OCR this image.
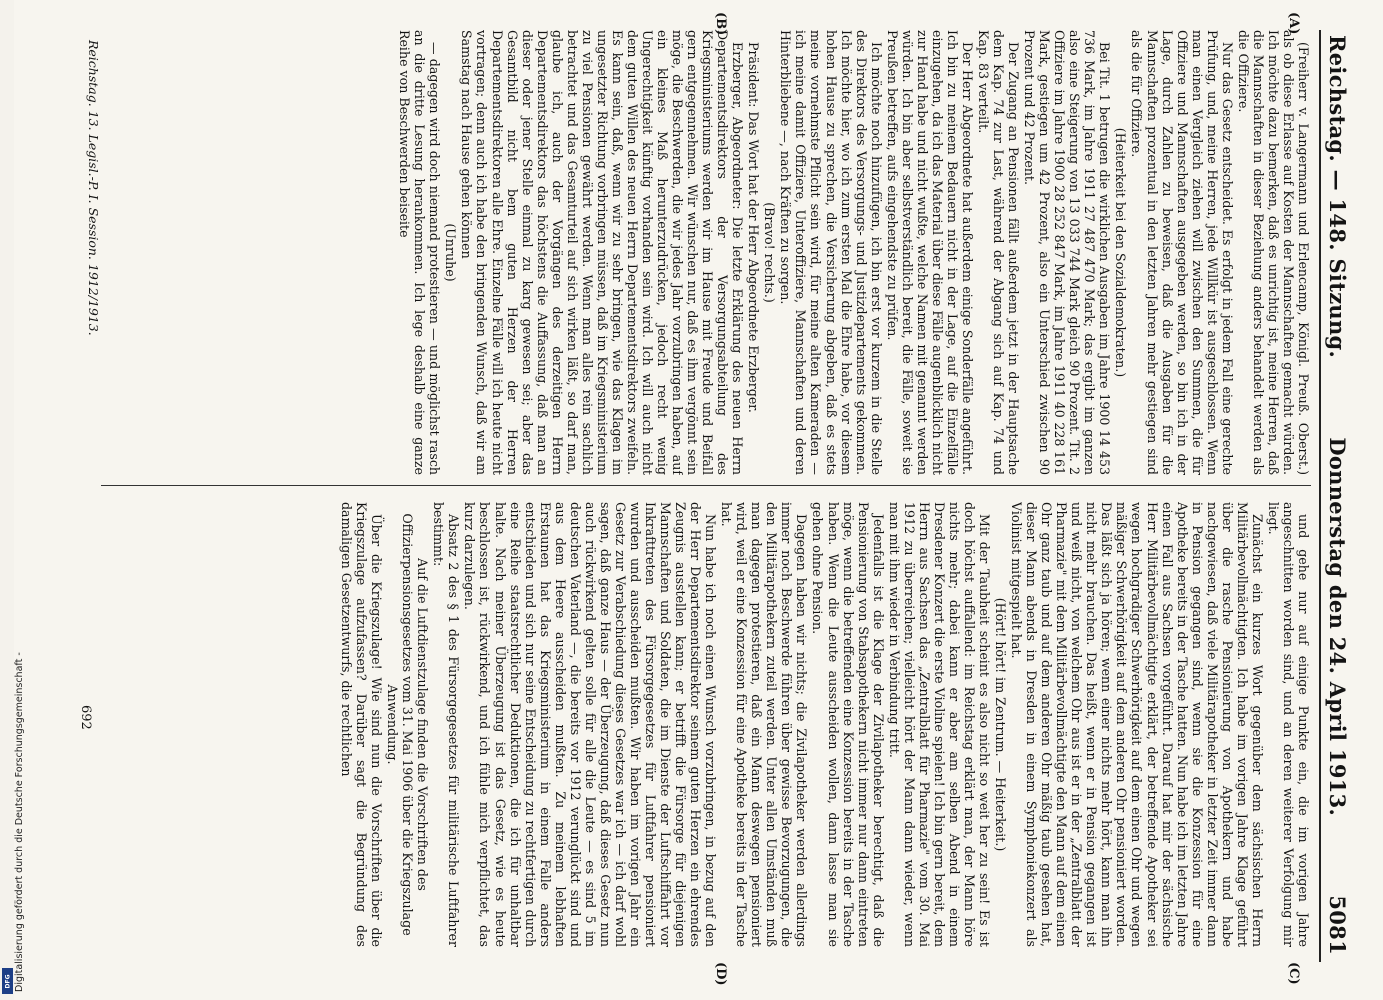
Reichstag. — 148. Sitzung.
Donnerstag den 24. April 1913.
5081
(A)
(B)
(C)
(D)

(Freiherr v. Langermann und Erlencamp, Königl. Preuß. Oberst.) als ob diese Erlasse auf Kosten der Mannschaften gemacht würden. Ich möchte dazu bemerken, daß es unrichtig ist, meine Herren, daß die Mannschaften in dieser Beziehung anders behandelt werden als die Offiziere.

Nur das Gesetz entscheidet. Es erfolgt in jedem Fall eine gerechte Prüfung, und, meine Herren, jede Willkür ist ausgeschlossen. Wenn man einen Vergleich ziehen will zwischen den Summen, die für Offiziere und Mannschaften ausgegeben werden, so bin ich in der Lage, durch Zahlen zu beweisen, daß die Ausgaben für die Mannschaften prozentual in den letzten Jahren mehr gestiegen sind als die für Offiziere.

(Heiterkeit bei den Sozialdemokraten.)

Bei Tit. 1 betrugen die wirklichen Ausgaben im Jahre 1900 14 453 736 Mark, im Jahre 1911 27 487 470 Mark; das ergibt im ganzen also eine Steigerung von 13 033 744 Mark gleich 90 Prozent. Tit. 2 Offiziere im Jahre 1900 28 252 847 Mark, im Jahre 1911 40 228 161 Mark, gestiegen um 42 Prozent, also ein Unterschied zwischen 90 Prozent und 42 Prozent.

Der Zugang an Pensionen fällt außerdem jetzt in der Hauptsache dem Kap. 74 zur Last, während der Abgang sich auf Kap. 74 und Kap. 83 verteilt.

Der Herr Abgeordnete hat außerdem einige Sonderfälle angeführt. Ich bin zu meinem Bedauern nicht in der Lage, auf die Einzelfälle einzugehen, da ich das Material über diese Fälle augenblicklich nicht zur Hand habe und nicht wußte, welche Namen mit genannt werden würden. Ich bin aber selbstverständlich bereit, die Fälle, soweit sie Preußen betreffen, aufs eingehendste zu prüfen.

Ich möchte noch hinzufügen, ich bin erst vor kurzem in die Stelle des Direktors des Versorgungs- und Justizdepartements gekommen. Ich möchte hier, wo ich zum ersten Mal die Ehre habe, vor diesem hohen Hause zu sprechen, die Versicherung abgeben, daß es stets meine vornehmste Pflicht sein wird, für meine alten Kameraden — ich meine damit Offiziere, Unteroffiziere, Mannschaften und deren Hinterbliebene —, nach Kräften zu sorgen.

(Bravo! rechts.)

Präsident: Das Wort hat der Herr Abgeordnete Erzberger.

Erzberger, Abgeordneter: Die letzte Erklärung des neuen Herrn Departementsdirektors der Versorgungsabteilung des Kriegsministeriums werden wir im Hause mit Freude und Beifall gern entgegennehmen. Wir wünschen nur, daß es ihm vergönnt sein möge, die Beschwerden, die wir jedes Jahr vorzubringen haben, auf ein kleines Maß herunterzudrücken, jedoch recht wenig Ungerechtigkeit künftig vorhanden sein wird. Ich will auch nicht dem guten Willen des neuen Herrn Departementsdirektors zweifeln. Es kann sein, daß, wenn wir zu sehr bringen, wie das Klagen im ungesetzter Richtung vorbringen müssen, daß im Kriegsministerium zu viel Pensionen gewährt werden. Wenn man alles rein sachlich betrachtet und das Gesamturteil auf sich wirken läßt, so darf man, glaube ich, auch der Vorgängen des derzeitigen Herrn Departementsdirektors das höchstens die Auffassung, daß man an dieser oder jener Stelle einmal zu karg gewesen sei; aber das Gesamtbild nicht bem guten Herzen der Herren Departementsdirektoren alle Ehre. Einzelne Fälle will ich heute nicht vortragen; denn auch ich habe den bringenden Wunsch, daß wir am Samstag nach Hause gehen können

(Unruhe)

— dagegen wird doch niemand protestieren — und möglichst rasch an die dritte Lesung herankommen. Ich lege deshalb eine ganze Reihe von Beschwerden beiseite

und gehe nur auf einige Punkte ein, die im vorigen Jahre angeschnitten worden sind, und an deren weiterer Verfolgung mir liegt.

Zunächst ein kurzes Wort gegenüber dem sächsischen Herrn Militärbevollmächtigten. Ich habe im vorigen Jahre Klage geführt über die rasche Pensionierung von Apothekern und habe nachgewiesen, daß viele Militärapotheker in letzter Zeit immer dann in Pension gegangen sind, wenn sie die Konzession für eine Apotheke bereits in der Tasche hatten. Nun habe ich im letzten Jahre einen Fall aus Sachsen vorgeführt. Darauf hat mir der sächsische Herr Militärbevollmächtigte erklärt, der betreffende Apotheker sei wegen hochgradiger Schwerhörigkeit auf dem einen Ohr und wegen mäßiger Schwerhörigkeit auf dem anderen Ohr pensioniert worden. Das läßt sich ja hören; wenn einer nichts mehr hört, kann man ihn nicht mehr brauchen. Das heißt, wenn er in Pension gegangen ist und weiß nicht, von welchem Ohr aus ist er in der „Zentralblatt der Pharmazie" mit dem Militärbevollmächtigte den Mann auf dem einen Ohr ganz taub und auf dem anderen Ohr mäßig taub gesehen hat, dieser Mann abends in Dresden in einem Symphoniekonzert als Violinist mitgespielt hat.

(Hört! hört! im Zentrum. — Heiterkeit.)

Mit der Taubheit scheint es also nicht so weit her zu sein! Es ist doch höchst auffallend: im Reichstag erklärt man, der Mann höre nichts mehr; dabei kann er aber am selben Abend in einem Dresdener Konzert die erste Violine spielen! Ich bin gern bereit, dem Herrn aus Sachsen das „Zentralblatt für Pharmazie" vom 30. Mai 1912 zu überreichen; vielleicht hört der Mann dann wieder, wenn man mit ihm wieder in Verbindung tritt.

Jedenfalls ist die Klage der Zivilapotheker berechtigt, daß die Pensionierung von Stabsapothekern nicht immer nur dann eintreten möge, wenn die betreffenden eine Konzession bereits in der Tasche haben. Wenn die Leute ausscheiden wollen, dann lasse man sie gehen ohne Pension.

Dagegen haben wir nichts; die Zivilapotheker werden allerdings immer noch Beschwerde führen über gewisse Bevorzugungen, die den Militärapothekern zuteil werden. Unter allen Umständen muß man dagegen protestieren, daß ein Mann deswegen pensioniert wird, weil er eine Konzession für eine Apotheke bereits in der Tasche hat.

Nun habe ich noch einen Wunsch vorzubringen, in bezug auf den der Herr Departementsdirektor seinem guten Herzen ein ehrendes Zeugnis ausstellen kann; er betrifft die Fürsorge für diejenigen Mannschaften und Soldaten, die im Dienste der Luftschiffahrt vor Inkrafttreten des Fürsorgegesetzes für Luftfahrer pensioniert wurden und ausscheiden mußten. Wir haben im vorigen Jahr ein Gesetz zur Verabschiedung dieses Gesetzes war ich — ich darf wohl sagen, daß ganze Haus — der Überzeugung, daß dieses Gesetz nun auch rückwirkend gelten solle für alle die Leute — es sind 5 im deutschen Vaterland —, die bereits vor 1912 verunglückt sind und aus dem Heere ausscheiden mußten. Zu meinem lebhaften Erstaunen hat das Kriegsministerium in einem Falle anders entschieden und sich nur seine Entscheidung zu rechtfertigen durch eine Reihe staatsrechtlicher Deduktionen, die ich für unhaltbar halte. Nach meiner Überzeugung ist das Gesetz, wie es heute beschlossen ist, rückwirkend, und ich fühle mich verpflichtet, das kurz darzulegen.

Absatz 2 des § 1 des Fürsorgegesetzes für militärische Luftfahrer bestimmt:

Auf die Luftdienstzulage finden die Vorschriften des Offizierpensionsgesetzes vom 31. Mai 1906 über die Kriegszulage Anwendung.

Über die Kriegszulage! Wie sind nun die Vorschriften über die Kriegszulage aufzufassen? Darüber sagt die Begründung des damaligen Gesetzentwurfs, die rechtlichen

Reichstag. 13. Legisl.-P. I. Session. 1912/1913.
692
Digitalisierung gefördert durch die Deutsche Forschungsgemeinschaft -
DFG
